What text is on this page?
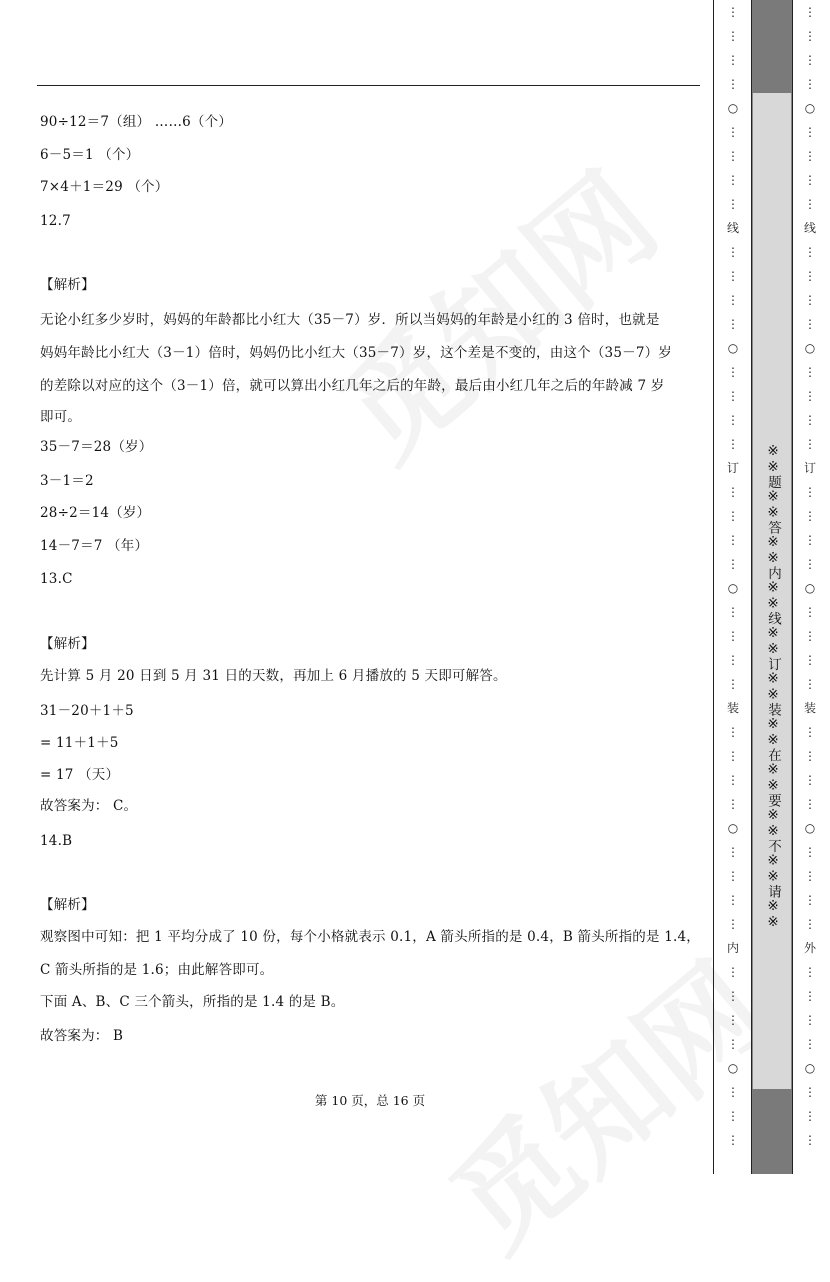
90÷12＝7（组） ……6（个）
6－5＝1 （个）
7×4＋1＝29 （个）
12.7
【解析】
无论小红多少岁时，妈妈的年龄都比小红大（35－7）岁．所以当妈妈的年龄是小红的 3 倍时，也就是
妈妈年龄比小红大（3－1）倍时，妈妈仍比小红大（35－7）岁，这个差是不变的，由这个（35－7）岁
的差除以对应的这个（3－1）倍，就可以算出小红几年之后的年龄，最后由小红几年之后的年龄减 7 岁
即可。
35－7＝28（岁）
3－1＝2
28÷2＝14（岁）
14－7＝7 （年）
13.C
【解析】
先计算 5 月 20 日到 5 月 31 日的天数，再加上 6 月播放的 5 天即可解答。
31－20＋1＋5
= 11＋1＋5
= 17 （天）
故答案为： C。
14.B
【解析】
观察图中可知：把 1 平均分成了 10 份，每个小格就表示 0.1，A 箭头所指的是 0.4，B 箭头所指的是 1.4，
C 箭头所指的是 1.6；由此解答即可。
下面 A、B、C 三个箭头，所指的是 1.4 的是 B。
故答案为： B
第 10 页，总 16 页
⋮
⋮
⋮
⋮
○
⋮
⋮
⋮
⋮
线
⋮
⋮
⋮
⋮
○
⋮
⋮
⋮
⋮
订
⋮
⋮
⋮
⋮
○
⋮
⋮
⋮
⋮
装
⋮
⋮
⋮
⋮
○
⋮
⋮
⋮
⋮
内
⋮
⋮
⋮
⋮
○
⋮
⋮
⋮
※※题※※答※※内※※线※※订※※装※※在※※要※※不※※请※※
⋮
⋮
⋮
⋮
○
⋮
⋮
⋮
⋮
线
⋮
⋮
⋮
⋮
○
⋮
⋮
⋮
⋮
订
⋮
⋮
⋮
⋮
○
⋮
⋮
⋮
⋮
装
⋮
⋮
⋮
⋮
○
⋮
⋮
⋮
⋮
外
⋮
⋮
⋮
⋮
○
⋮
⋮
⋮
